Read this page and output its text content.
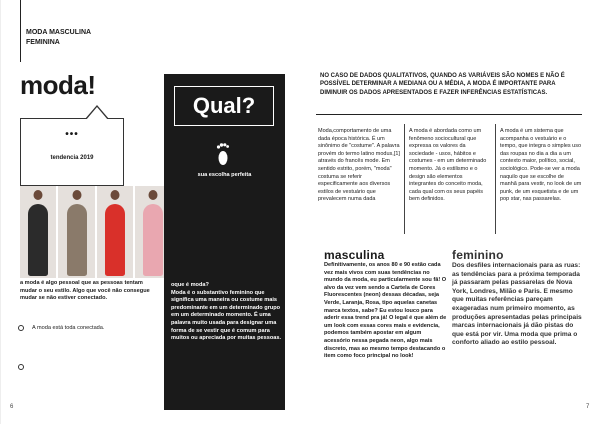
MODA MASCULINA FEMININA
moda!
•••
tendencia 2019
a moda é algo pessoal que as pessoas tentam mudar o seu estilo. Algo que você não consegue mudar se não estiver conectado.
A moda está toda conectada.
6
Qual?
sua escolha perfeita
oque é moda?
Moda é o substantivo feminino que significa uma maneira ou costume mais predominante em um determinado grupo em um determinado momento. É uma palavra muito usada para designar uma forma de se vestir que é comum para muitos ou apreciada por muitas pessoas.
NO CASO DE DADOS QUALITATIVOS, QUANDO AS VARIÁVEIS SÃO NOMES E NÃO É POSSÍVEL DETERMINAR A MEDIANA OU A MÉDIA, A MODA É IMPORTANTE PARA DIMINUIR OS DADOS APRESENTADOS E FAZER INFERÊNCIAS ESTATÍSTICAS.
Moda,comportamento de uma dada época histórica. É um sinônimo de "costume". A palavra provém do termo latino modus,[1] através do francês mode. Em sentido estrito, porém, "moda" costuma se referir especificamente aos diversos estilos de vestuário que prevalecem numa dada
A moda é abordada como um fenômeno sociocultural que expressa os valores da sociedade - usos, hábitos e costumes - em um determinado momento. Já o estilismo e o design são elementos integrantes do conceito moda, cada qual com os seus papéis bem definidos.
A moda é um sistema que acompanha o vestuário e o tempo, que integra o simples uso das roupas no dia a dia a um contexto maior, político, social, sociológico. Pode-se ver a moda naquilo que se escolhe de manhã para vestir, no look de um punk, de um esquetista e de um pop star, nas passarelas.
masculina
Definitivamente, os anos 80 e 90 estão cada vez mais vivos com suas tendências no mundo da moda, eu particularmente sou fã! O alvo da vez vem sendo a Cartela de Cores Fluorescentes (neon) dessas décadas, seja Verde, Laranja, Rosa, tipo aquelas canetas marca textos, sabe? Eu estou louco para aderir essa trend pra já! O legal é que além de um look com essas cores mais e evidencia, podemos também apostar em algum acessório nessa pegada neon, algo mais discreto, mas ao mesmo tempo destacando o item como foco principal no look!
feminino
Dos desfiles internacionais para as ruas: as tendências para a próxima temporada já passaram pelas passarelas de Nova York, Londres, Milão e Paris. E mesmo que muitas referências pareçam exageradas num primeiro momento, as produções apresentadas pelas principais marcas internacionais já dão pistas do que está por vir. Uma moda que prima o conforto aliado ao estilo pessoal.
7
